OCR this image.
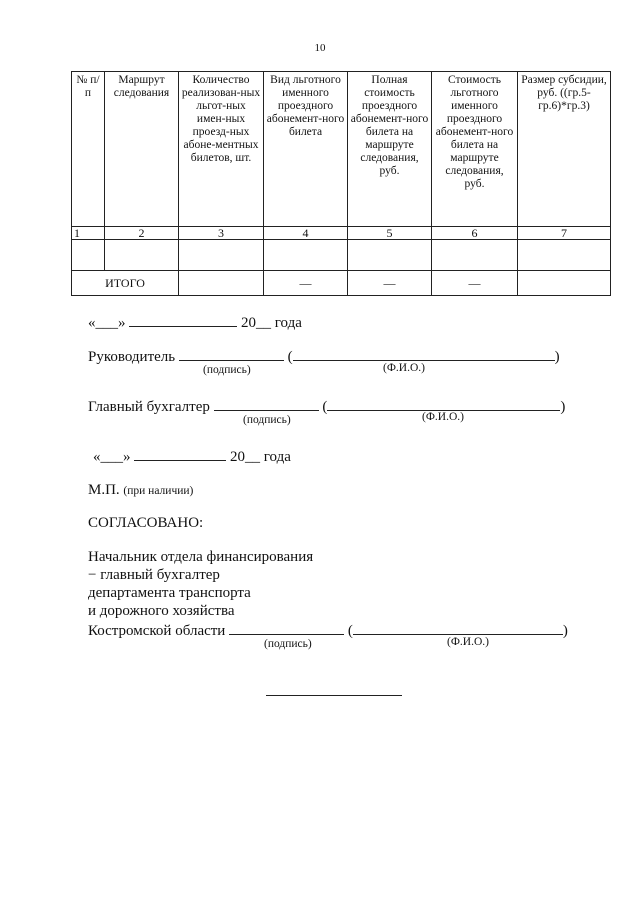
10
№ п/п	Маршрут следования	Количество реализован-ных льгот-ных имен-ных проезд-ных абоне-ментных билетов, шт.	Вид льготного именного проездного абонемент-ного билета	Полная стоимость проездного абонемент-ного билета на маршруте следования, руб.	Стоимость льготного именного проездного абонемент-ного билета на маршруте следования, руб.	Размер субсидии, руб. ((гр.5-гр.6)*гр.3)
1	2	3	4	5	6	7

ИТОГО			—	—	—	
«___»	20__ года
Руководитель	(	)
(подпись)	(Ф.И.О.)
Главный бухгалтер	(	)
(подпись)	(Ф.И.О.)
«___»	20__ года
М.П. (при наличии)
СОГЛАСОВАНО:
Начальник отдела финансирования
− главный бухгалтер
департамента транспорта
и дорожного хозяйства
Костромской области	(	)
(подпись)	(Ф.И.О.)
